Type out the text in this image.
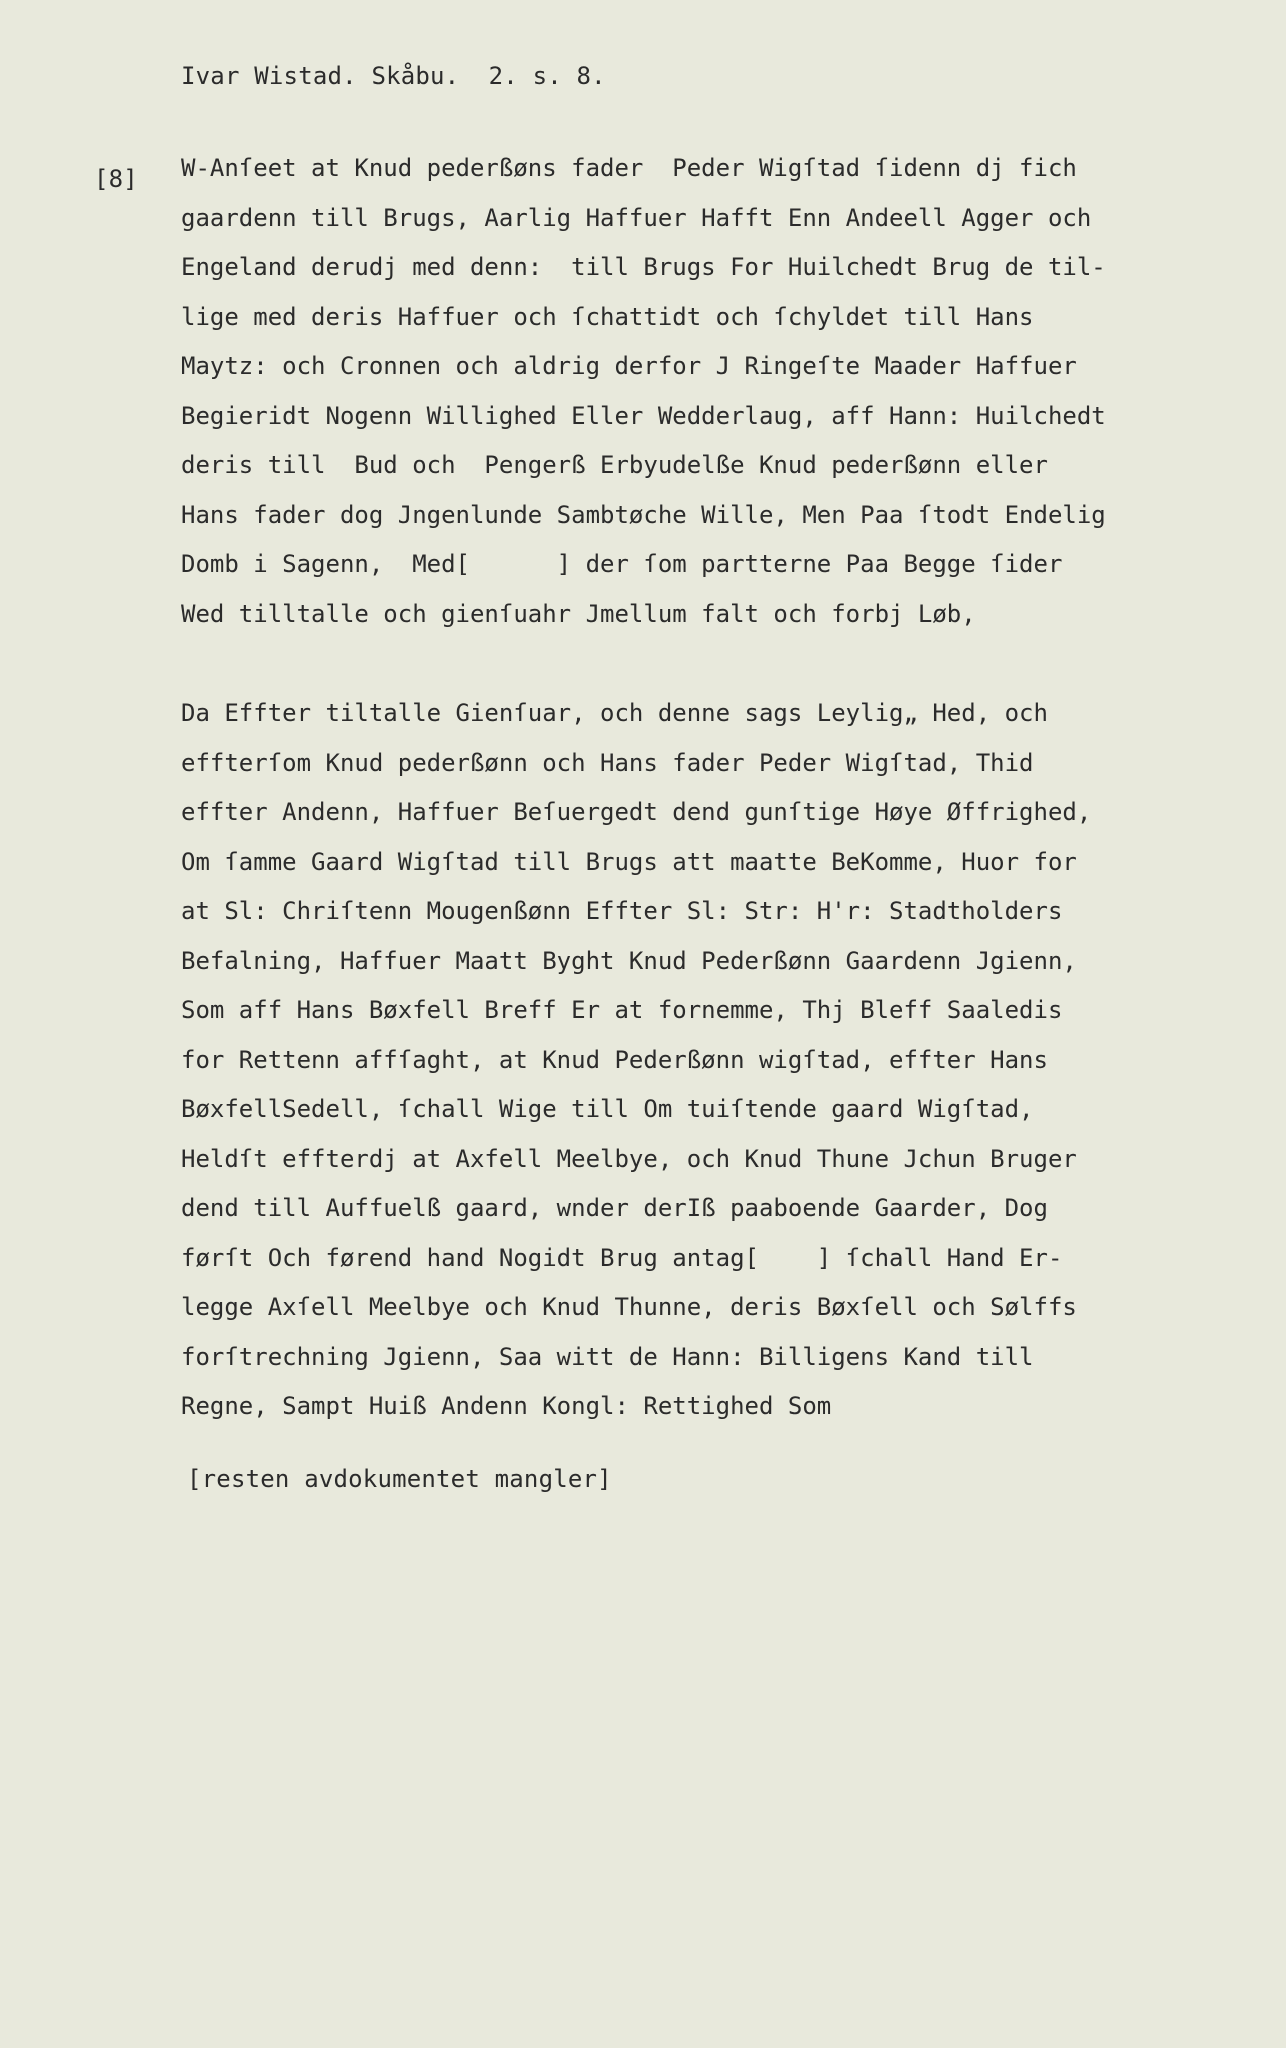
Ivar Wistad. Skåbu.  2. s. 8.
[8] W-Anſeet at Knud pederßøns fader  Peder Wigſtad ſidenn dj fich
gaardenn till Brugs, Aarlig Haffuer Hafft Enn Andeell Agger och
Engeland derudj med denn:  till Brugs For Huilchedt Brug de til-
lige med deris Haffuer och ſchattidt och ſchyldet till Hans
Maytz: och Cronnen och aldrig derfor J Ringeſte Maader Haffuer
Begieridt Nogenn Willighed Eller Wedderlaug, aff Hann: Huilchedt
deris till  Bud och  Pengerß Erbyudelße Knud pederßønn eller
Hans fader dog Jngenlunde Sambtøche Wille, Men Paa ſtodt Endelig
Domb i Sagenn,  Med[      ] der ſom partterne Paa Begge ſider
Wed tilltalle och gienſuahr Jmellum falt och forbj Løb,
Da Effter tiltalle Gienſuar, och denne sags Leylig„ Hed, och
effterſom Knud pederßønn och Hans fader Peder Wigſtad, Thid
effter Andenn, Haffuer Beſuergedt dend gunſtige Høye Øffrighed,
Om ſamme Gaard Wigſtad till Brugs att maatte BeKomme, Huor for
at Sl: Chriſtenn Mougenßønn Effter Sl: Str: H'r: Stadtholders
Befalning, Haffuer Maatt Byght Knud Pederßønn Gaardenn Jgienn,
Som aff Hans Bøxfell Breff Er at fornemme, Thj Bleff Saaledis
for Rettenn affſaght, at Knud Pederßønn wigſtad, effter Hans
BøxfellSedell, ſchall Wige till Om tuiſtende gaard Wigſtad,
Heldſt effterdj at Axfell Meelbye, och Knud Thune Jchun Bruger
dend till Auffuelß gaard, wnder derIß paaboende Gaarder, Dog
førſt Och førend hand Nogidt Brug antag[    ] ſchall Hand Er-
legge Axſell Meelbye och Knud Thunne, deris Bøxſell och Sølffs
forſtrechning Jgienn, Saa witt de Hann: Billigens Kand till
Regne, Sampt Huiß Andenn Kongl: Rettighed Som
[resten avdokumentet mangler]
